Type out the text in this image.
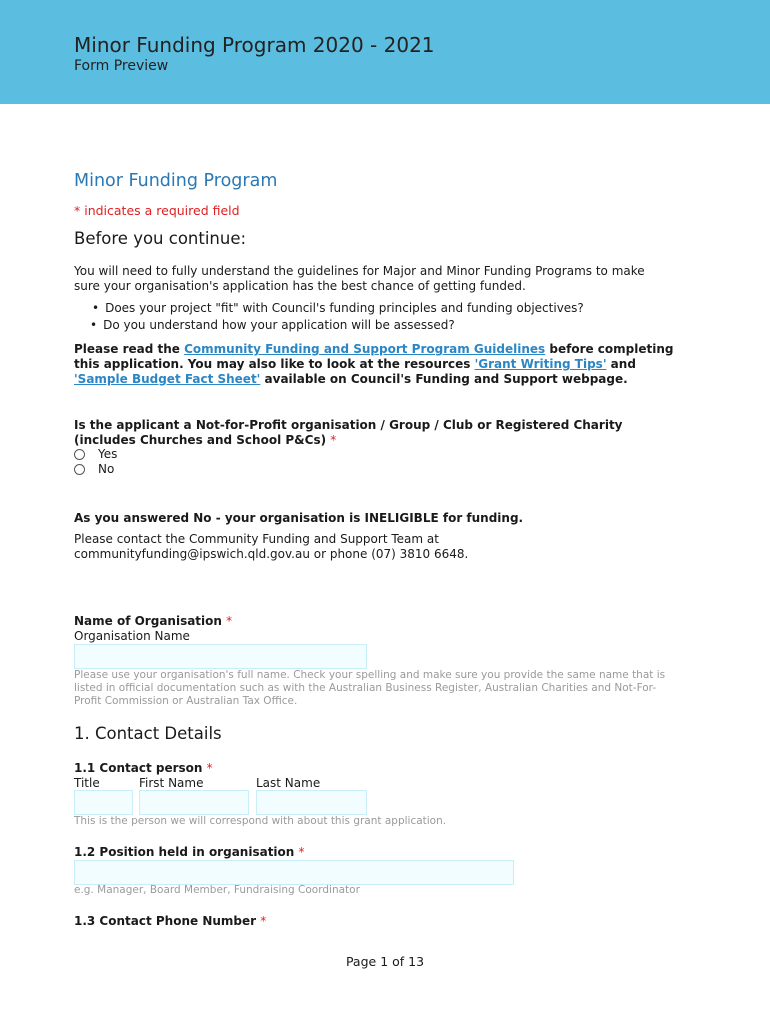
Minor Funding Program 2020 - 2021
Form Preview
Minor Funding Program
* indicates a required field
Before you continue:
You will need to fully understand the guidelines for Major and Minor Funding Programs to make sure your organisation's application has the best chance of getting funded.
• Does your project "fit" with Council's funding principles and funding objectives?
• Do you understand how your application will be assessed?
Please read the Community Funding and Support Program Guidelines before completing this application. You may also like to look at the resources 'Grant Writing Tips' and 'Sample Budget Fact Sheet' available on Council's Funding and Support webpage.
Is the applicant a Not-for-Profit organisation / Group / Club or Registered Charity (includes Churches and School P&Cs) *
Yes
No
As you answered No - your organisation is INELIGIBLE for funding.
Please contact the Community Funding and Support Team at communityfunding@ipswich.qld.gov.au or phone (07) 3810 6648.
Name of Organisation *
Organisation Name
Please use your organisation's full name. Check your spelling and make sure you provide the same name that is listed in official documentation such as with the Australian Business Register, Australian Charities and Not-For-Profit Commission or Australian Tax Office.
1. Contact Details
1.1 Contact person *
Title	First Name	Last Name
This is the person we will correspond with about this grant application.
1.2 Position held in organisation *
e.g. Manager, Board Member, Fundraising Coordinator
1.3 Contact Phone Number *
Page 1 of 13
